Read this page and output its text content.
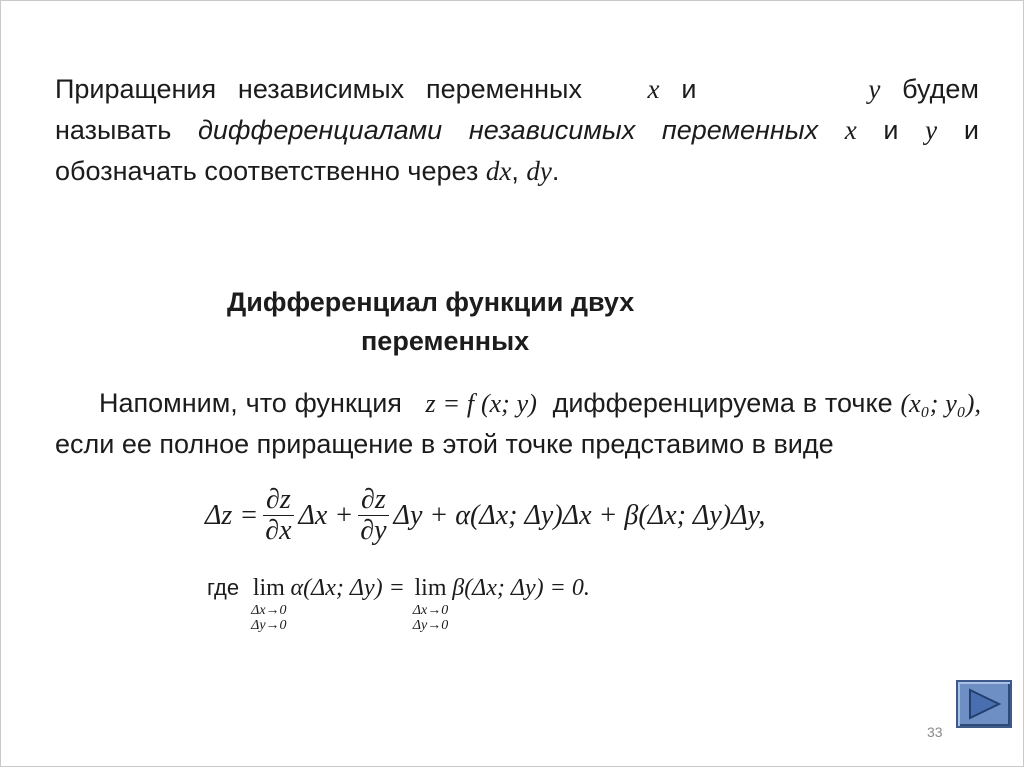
Приращения независимых переменных x и	y будем называть дифференциалами независимых переменных x и y и обозначать соответственно через dx, dy.
Дифференциал функции двух
переменных
Напомним, что функция z = f (x; y) дифференцируема в точке (x₀; y₀), если ее полное приращение в этой точке представимо в виде
$\Delta z = \frac{\partial z}{\partial x}$ $\Delta x + \frac{\partial z}{\partial y}$ Δy + α(Δx; Δy)Δx + β(Δx; Δy)Δy,
где lim
Δx→0
Δy→0
α(Δx; Δy) = lim
Δx→0
Δy→0
β(Δx; Δy) = 0.
33
